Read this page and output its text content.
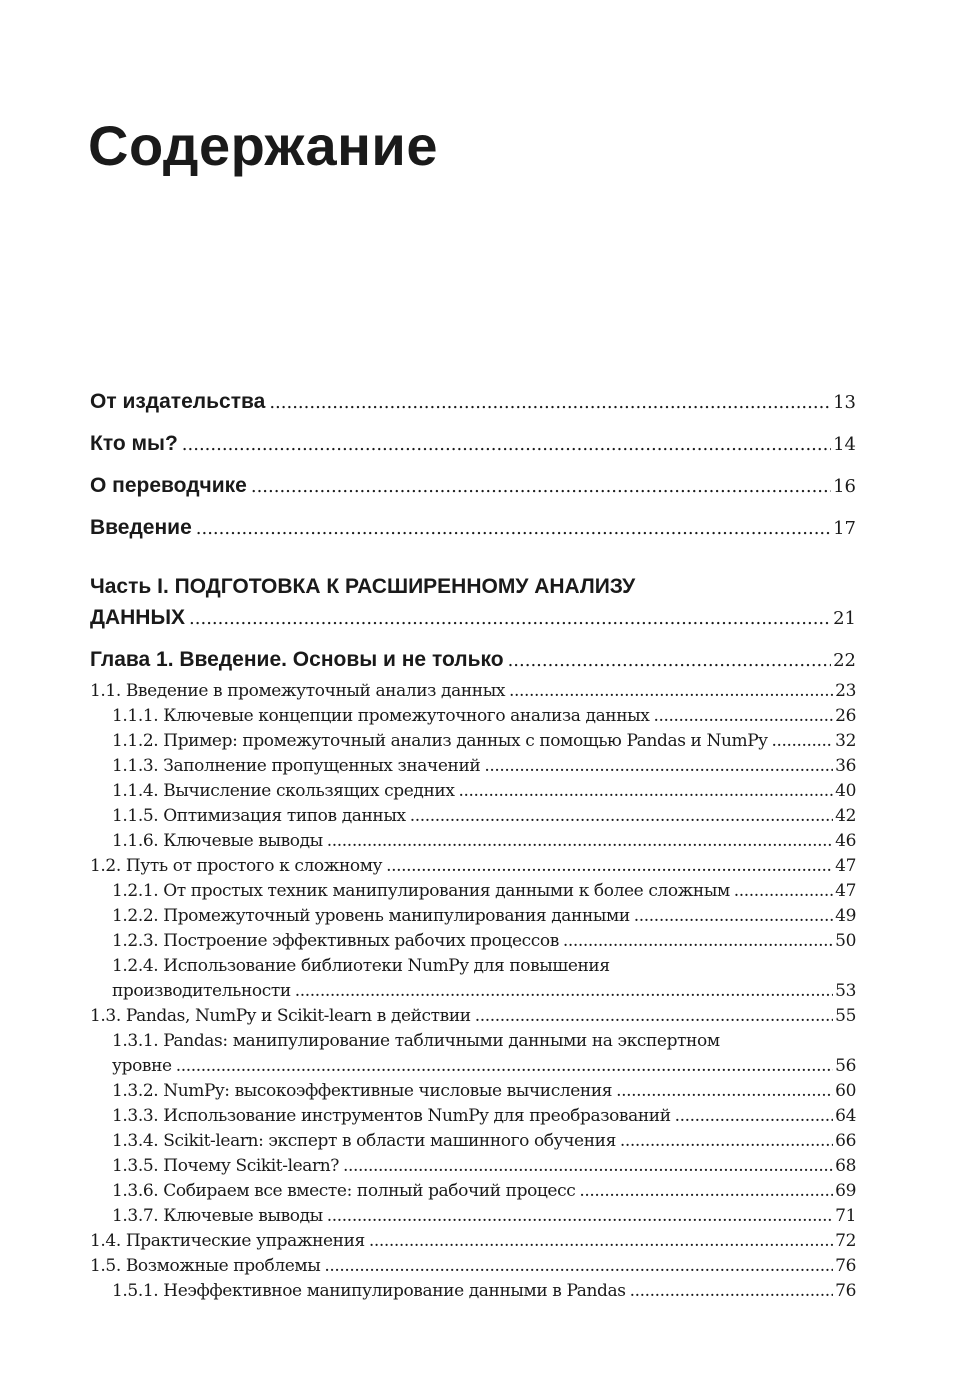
Содержание
От издательства .....	13
Кто мы? .....	14
О переводчике .....	16
Введение .....	17
Часть I. ПОДГОТОВКА К РАСШИРЕННОМУ АНАЛИЗУ
ДАННЫХ .....	21
Глава 1. Введение. Основы и не только .....	22
1.1. Введение в промежуточный анализ данных .....	23
1.1.1. Ключевые концепции промежуточного анализа данных .....	26
1.1.2. Пример: промежуточный анализ данных с помощью Pandas и NumPy .....	32
1.1.3. Заполнение пропущенных значений .....	36
1.1.4. Вычисление скользящих средних .....	40
1.1.5. Оптимизация типов данных .....	42
1.1.6. Ключевые выводы .....	46
1.2. Путь от простого к сложному .....	47
1.2.1. От простых техник манипулирования данными к более сложным .....	47
1.2.2. Промежуточный уровень манипулирования данными .....	49
1.2.3. Построение эффективных рабочих процессов .....	50
1.2.4. Использование библиотеки NumPy для повышения
производительности .....	53
1.3. Pandas, NumPy и Scikit-learn в действии .....	55
1.3.1. Pandas: манипулирование табличными данными на экспертном
уровне .....	56
1.3.2. NumPy: высокоэффективные числовые вычисления .....	60
1.3.3. Использование инструментов NumPy для преобразований .....	64
1.3.4. Scikit-learn: эксперт в области машинного обучения .....	66
1.3.5. Почему Scikit-learn? .....	68
1.3.6. Собираем все вместе: полный рабочий процесс .....	69
1.3.7. Ключевые выводы .....	71
1.4. Практические упражнения .....	72
1.5. Возможные проблемы .....	76
1.5.1. Неэффективное манипулирование данными в Pandas .....	76
